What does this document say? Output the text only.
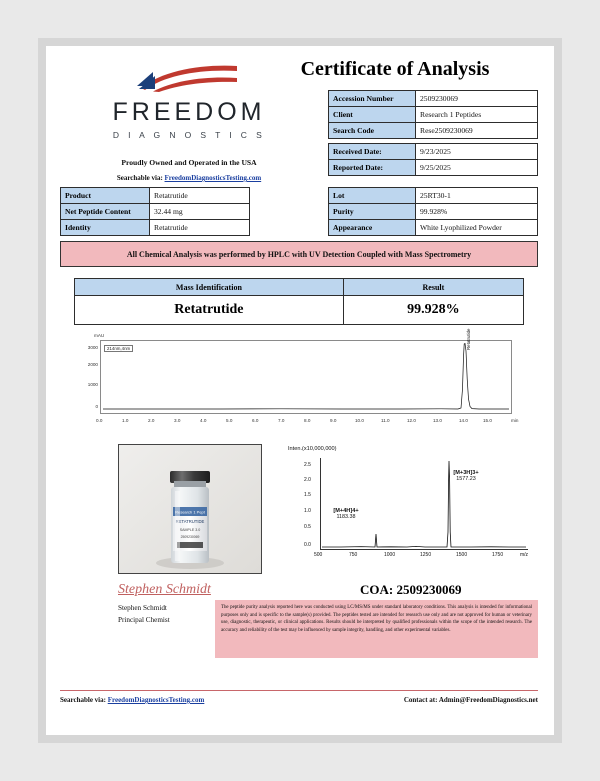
FREEDOM
D I A G N O S T I C S
Proudly Owned and Operated in the USA
Searchable via: FreedomDiagnosticsTesting.com
Certificate of Analysis
Accession Number	2509230069
Client	Research 1 Peptides
Search Code	Rese2509230069
Received Date:	9/23/2025
Reported Date:	9/25/2025
Product	Retatrutide
Net Peptide Content	32.44 mg
Identity	Retatrutide
Lot	25RT30-1
Purity	99.928%
Appearance	White Lyophilized Powder
All Chemical Analysis was performed by HPLC with UV Detection Coupled with Mass Spectrometry
Mass Identification	Result
Retatrutide	99.928%
mAU
214nm,4nm
3000
2000
1000
0
Retatrutide
0.0	1.0	2.0	3.0	4.0	5.0	6.0	7.0	8.0	9.0	10.0	11.0	12.0	13.0	14.0	15.0	min
Research 1 Pept
RETATRUTIDE
SAMPLE 3.0
2509230069
Inten.(x10,000,000)
2.5
2.0
1.5
1.0
0.5
0.0
[M+4H]4+
1183.38
[M+3H]3+
1577.23
500	750	1000	1250	1500	1750	m/z
Stephen Schmidt
Stephen Schmidt
Principal Chemist
COA: 2509230069
The peptide purity analysis reported here was conducted using LC/MS/MS under standard laboratory conditions. This analysis is intended for informational purposes only and is specific to the sample(s) provided. The peptides tested are intended for research use only and are not approved for human or veterinary use, diagnostic, therapeutic, or clinical applications. Results should be interpreted by qualified professionals within the scope of the intended research. The accuracy and reliability of the test may be influenced by sample integrity, handling, and other experimental variables.
Searchable via: FreedomDiagnosticsTesting.com	Contact at: Admin@FreedomDiagnostics.net
